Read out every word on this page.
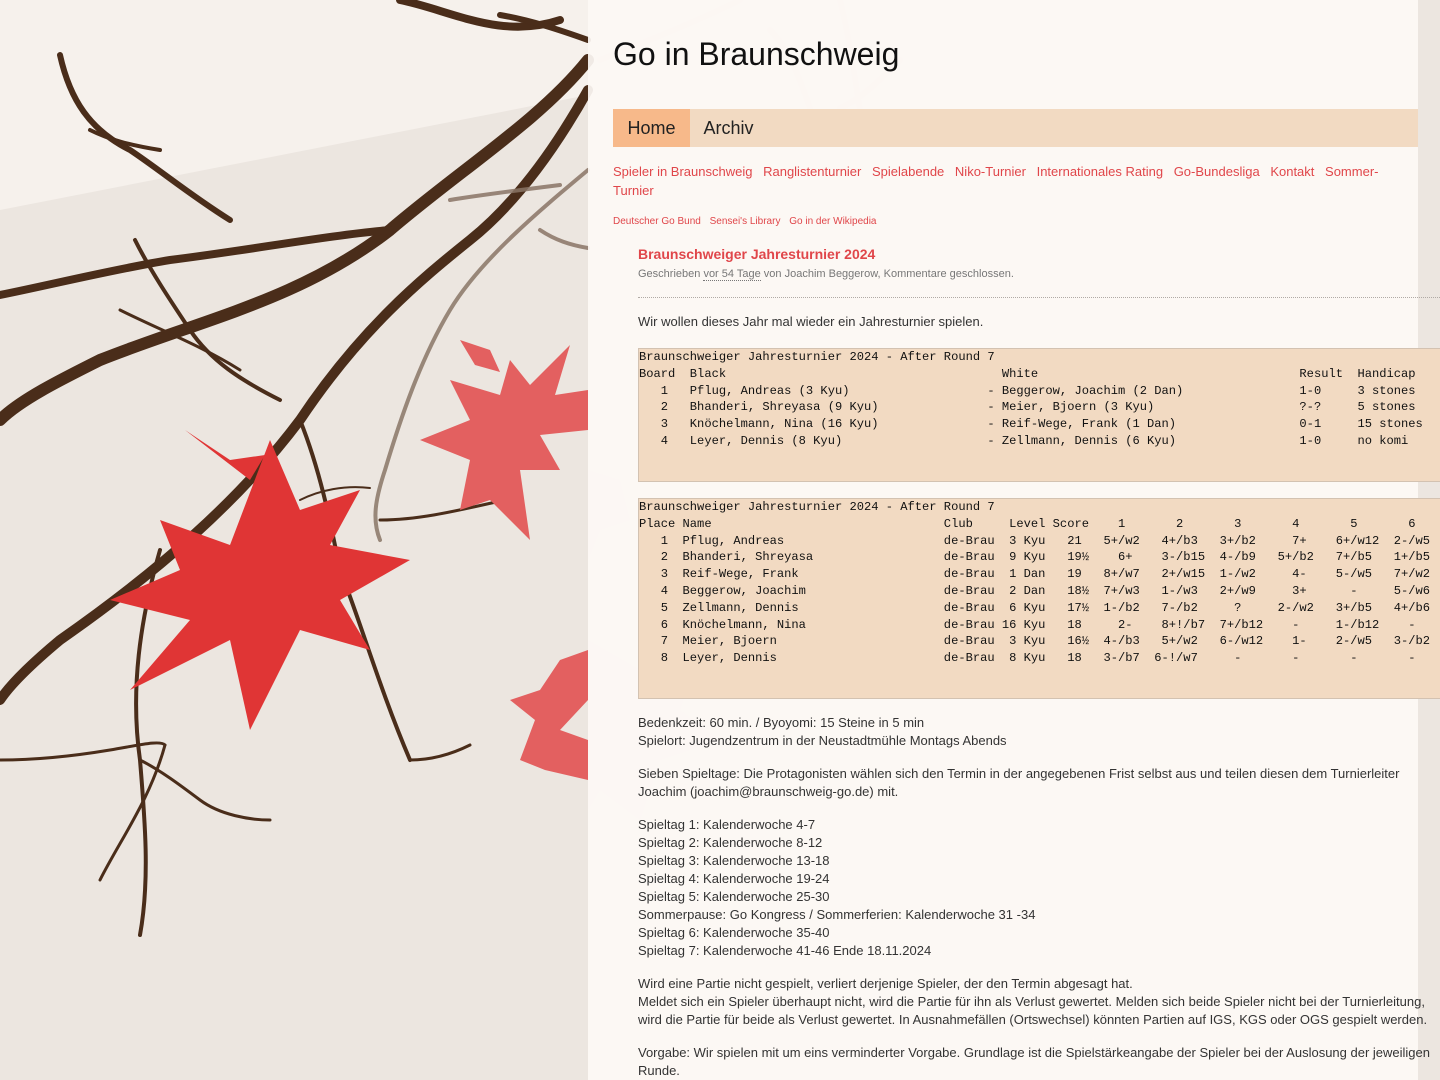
Go in Braunschweig
Home	Archiv
Spieler in Braunschweig Ranglistenturnier Spielabende Niko-Turnier Internationales Rating Go-Bundesliga Kontakt Sommer-Turnier
Deutscher Go Bund Sensei's Library Go in der Wikipedia
Braunschweiger Jahresturnier 2024
Geschrieben vor 54 Tage von Joachim Beggerow, Kommentare geschlossen.

Wir wollen dieses Jahr mal wieder ein Jahresturnier spielen.

Braunschweiger Jahresturnier 2024 - After Round 7
Board  Black                                      White                                    Result  Handicap
1   Pflug, Andreas (3 Kyu)                   - Beggerow, Joachim (2 Dan)                1-0     3 stones
2   Bhanderi, Shreyasa (9 Kyu)               - Meier, Bjoern (3 Kyu)                    ?-?     5 stones
3   Knöchelmann, Nina (16 Kyu)               - Reif-Wege, Frank (1 Dan)                 0-1     15 stones
4   Leyer, Dennis (8 Kyu)                    - Zellmann, Dennis (6 Kyu)                 1-0     no komi
Braunschweiger Jahresturnier 2024 - After Round 7
Place Name                                Club     Level Score    1       2       3       4       5       6
1  Pflug, Andreas                      de-Brau  3 Kyu   21   5+/w2   4+/b3   3+/b2     7+    6+/w12  2-/w5
2  Bhanderi, Shreyasa                  de-Brau  9 Kyu   19½    6+    3-/b15  4-/b9   5+/b2   7+/b5   1+/b5
3  Reif-Wege, Frank                    de-Brau  1 Dan   19   8+/w7   2+/w15  1-/w2     4-    5-/w5   7+/w2
4  Beggerow, Joachim                   de-Brau  2 Dan   18½  7+/w3   1-/w3   2+/w9     3+      -     5-/w6
5  Zellmann, Dennis                    de-Brau  6 Kyu   17½  1-/b2   7-/b2     ?     2-/w2   3+/b5   4+/b6
6  Knöchelmann, Nina                   de-Brau 16 Kyu   18     2-    8+!/b7  7+/b12    -     1-/b12    -
7  Meier, Bjoern                       de-Brau  3 Kyu   16½  4-/b3   5+/w2   6-/w12    1-    2-/w5   3-/b2
8  Leyer, Dennis                       de-Brau  8 Kyu   18   3-/b7  6-!/w7     -       -       -       -

Bedenkzeit: 60 min. / Byoyomi: 15 Steine in 5 min

Spielort: Jugendzentrum in der Neustadtmühle Montags Abends

Sieben Spieltage: Die Protagonisten wählen sich den Termin in der angegebenen Frist selbst aus und teilen diesen dem Turnierleiter Joachim (joachim@braunschweig-go.de) mit.

Spieltag 1: Kalenderwoche 4-7

Spieltag 2: Kalenderwoche 8-12

Spieltag 3: Kalenderwoche 13-18

Spieltag 4: Kalenderwoche 19-24

Spieltag 5: Kalenderwoche 25-30

Sommerpause: Go Kongress / Sommerferien: Kalenderwoche 31 -34

Spieltag 6: Kalenderwoche 35-40

Spieltag 7: Kalenderwoche 41-46 Ende 18.11.2024

Wird eine Partie nicht gespielt, verliert derjenige Spieler, der den Termin abgesagt hat.

Meldet sich ein Spieler überhaupt nicht, wird die Partie für ihn als Verlust gewertet. Melden sich beide Spieler nicht bei der Turnierleitung, wird die Partie für beide als Verlust gewertet. In Ausnahmefällen (Ortswechsel) könnten Partien auf IGS, KGS oder OGS gespielt werden.

Vorgabe: Wir spielen mit um eins verminderter Vorgabe. Grundlage ist die Spielstärkeangabe der Spieler bei der Auslosung der jeweiligen Runde.
